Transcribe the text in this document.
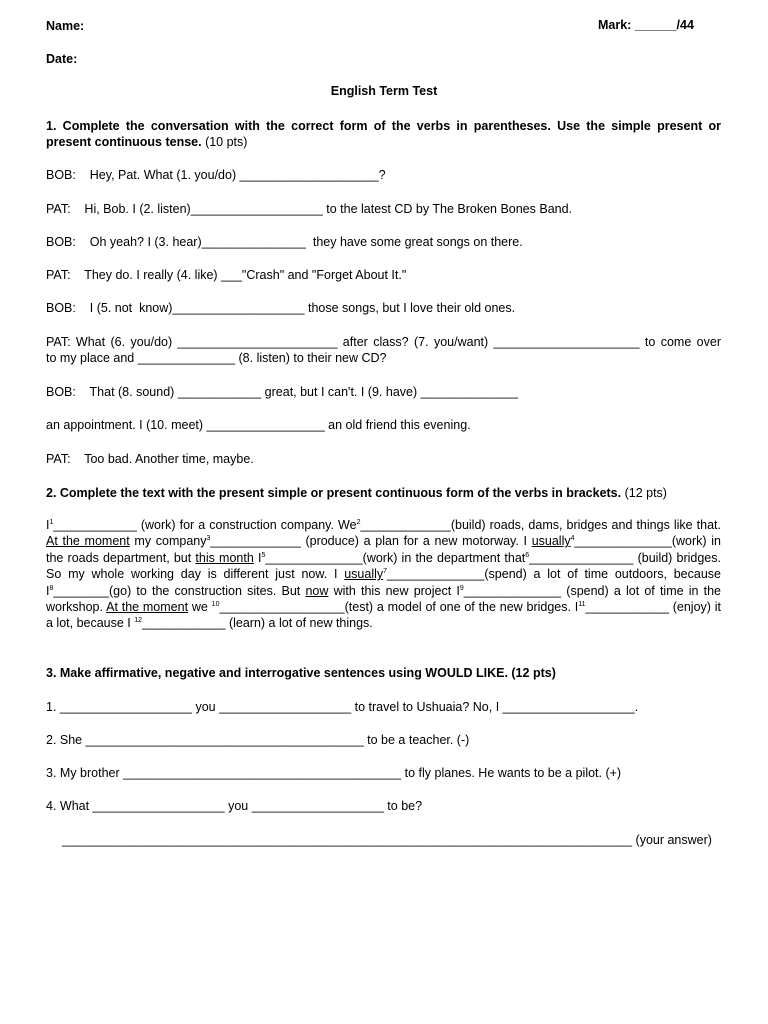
Name:	Mark: ______/44
Date:
English Term Test
1. Complete the conversation with the correct form of the verbs in parentheses. Use the simple present or
present continuous tense. (10 pts)
BOB:    Hey, Pat. What (1. you/do) ____________________?
PAT:    Hi, Bob. I (2. listen)___________________ to the latest CD by The Broken Bones Band.
BOB:    Oh yeah? I (3. hear)_______________  they have some great songs on there.
PAT:    They do. I really (4. like) ___"Crash" and "Forget About It."
BOB:    I (5. not  know)___________________ those songs, but I love their old ones.
PAT: What (6. you/do) _______________________ after class? (7. you/want) _____________________ to come over
to my place and ______________ (8. listen) to their new CD?
BOB:    That (8. sound) ____________ great, but I can't. I (9. have) ______________
an appointment. I (10. meet) _________________ an old friend this evening.
PAT:    Too bad. Another time, maybe.
2. Complete the text with the present simple or present continuous form of the verbs in brackets. (12 pts)
$I^1\_\_\_\_\_\_\_\_\_\_\_\_$ (work) for a construction company. We$^2$_____________(build) roads, dams, bridges and things like that. At the moment my company$^3$_____________ (produce) a plan for a new motorway. I usually$^4$______________(work) in the roads department, but this month $I^5\_\_\_\_\_\_\_\_\_\_\_\_\_\_(work)$ in the department that$^6$_______________ (build) bridges. So my whole working day is different just now. I usually$^7$______________(spend) a lot of time outdoors, because $I^8\_\_\_\_\_\_\_\_(go)$ to the construction sites. But now with this new project $I^9\_\_\_\_\_\_\_\_\_\_\_\_\_\_$ (spend) a lot of time in the workshop. At the moment we $^{10}$__________________(test) a model of one of the new bridges. $I^{11}\_\_\_\_\_\_\_\_\_\_\_\_$ (enjoy) it a lot, because I $^{12}$____________ (learn) a lot of new things.
3. Make affirmative, negative and interrogative sentences using WOULD LIKE. (12 pts)
1. ___________________ you ___________________ to travel to Ushuaia? No, I ___________________.
2. She ________________________________________ to be a teacher. (-)
3. My brother ________________________________________ to fly planes. He wants to be a pilot. (+)
4. What ___________________ you ___________________ to be?
__________________________________________________________________________________ (your answer)
